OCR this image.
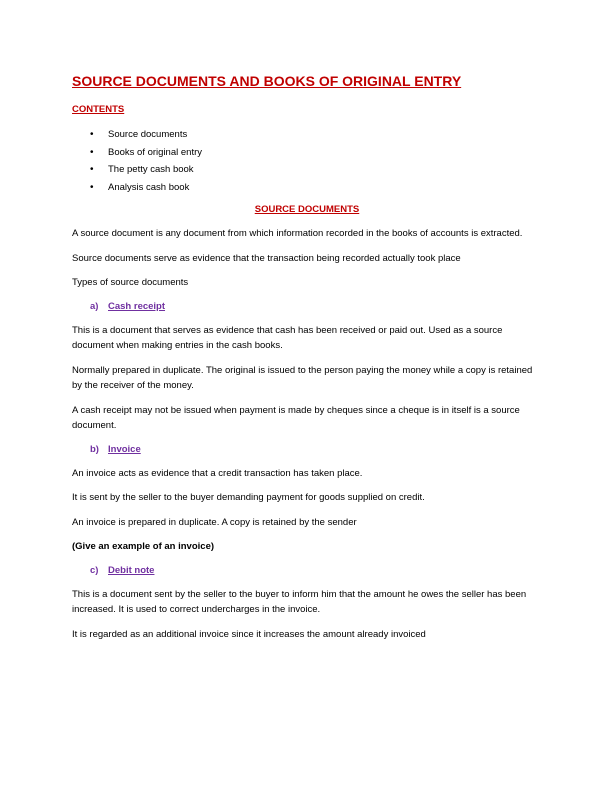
SOURCE DOCUMENTS AND BOOKS OF ORIGINAL ENTRY
CONTENTS
• Source documents
• Books of original entry
• The petty cash book
• Analysis cash book
SOURCE DOCUMENTS

A source document is any document from which information recorded in the books of accounts is extracted.

Source documents serve as evidence that the transaction being recorded actually took place

Types of source documents

a) Cash receipt

This is a document that serves as evidence that cash has been received or paid out. Used as a source document when making entries in the cash books.

Normally prepared in duplicate. The original is issued to the person paying the money while a copy is retained by the receiver of the money.

A cash receipt may not be issued when payment is made by cheques since a cheque is in itself is a source document.

b) Invoice

An invoice acts as evidence that a credit transaction has taken place.

It is sent by the seller to the buyer demanding payment for goods supplied on credit.

An invoice is prepared in duplicate. A copy is retained by the sender

(Give an example of an invoice)

c) Debit note

This is a document sent by the seller to the buyer to inform him that the amount he owes the seller has been increased. It is used to correct undercharges in the invoice.

It is regarded as an additional invoice since it increases the amount already invoiced
